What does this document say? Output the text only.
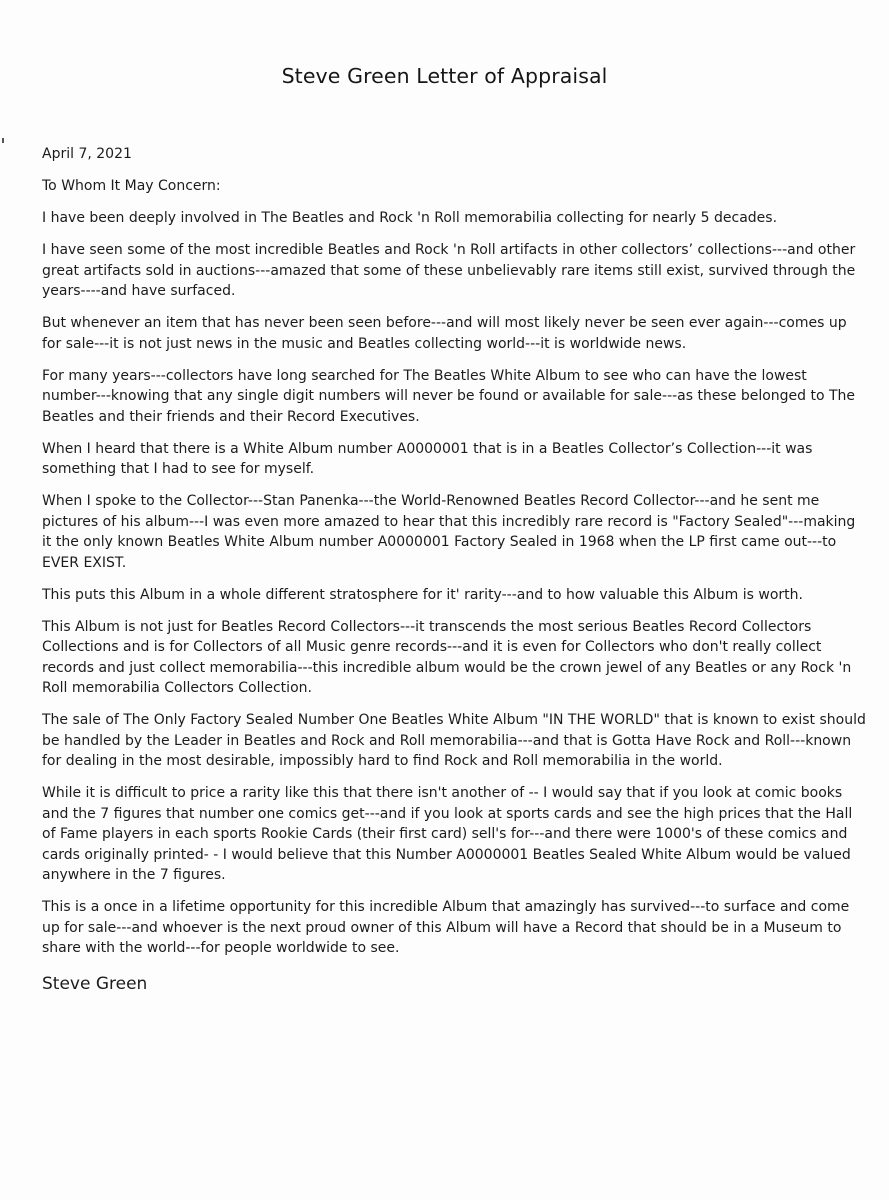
Steve Green Letter of Appraisal

April 7, 2021

To Whom It May Concern:

I have been deeply involved in The Beatles and Rock 'n Roll memorabilia collecting for nearly 5 decades.

I have seen some of the most incredible Beatles and Rock 'n Roll artifacts in other collectors’ collections---and other great artifacts sold in auctions---amazed that some of these unbelievably rare items still exist, survived through the years----and have surfaced.

But whenever an item that has never been seen before---and will most likely never be seen ever again---comes up for sale---it is not just news in the music and Beatles collecting world---it is worldwide news.

For many years---collectors have long searched for The Beatles White Album to see who can have the lowest number---knowing that any single digit numbers will never be found or available for sale---as these belonged to The Beatles and their friends and their Record Executives.

When I heard that there is a White Album number A0000001 that is in a Beatles Collector’s Collection---it was something that I had to see for myself.

When I spoke to the Collector---Stan Panenka---the World-Renowned Beatles Record Collector---and he sent me pictures of his album---I was even more amazed to hear that this incredibly rare record is "Factory Sealed"---making it the only known Beatles White Album number A0000001 Factory Sealed in 1968 when the LP first came out---to EVER EXIST.

This puts this Album in a whole different stratosphere for it' rarity---and to how valuable this Album is worth.

This Album is not just for Beatles Record Collectors---it transcends the most serious Beatles Record Collectors Collections and is for Collectors of all Music genre records---and it is even for Collectors who don't really collect records and just collect memorabilia---this incredible album would be the crown jewel of any Beatles or any Rock 'n Roll memorabilia Collectors Collection.

The sale of The Only Factory Sealed Number One Beatles White Album "IN THE WORLD" that is known to exist should be handled by the Leader in Beatles and Rock and Roll memorabilia---and that is Gotta Have Rock and Roll---known for dealing in the most desirable, impossibly hard to find Rock and Roll memorabilia in the world.

While it is difficult to price a rarity like this that there isn't another of -- I would say that if you look at comic books and the 7 figures that number one comics get---and if you look at sports cards and see the high prices that the Hall of Fame players in each sports Rookie Cards (their first card) sell's for---and there were 1000's of these comics and cards originally printed- - I would believe that this Number A0000001 Beatles Sealed White Album would be valued anywhere in the 7 figures.

This is a once in a lifetime opportunity for this incredible Album that amazingly has survived---to surface and come up for sale---and whoever is the next proud owner of this Album will have a Record that should be in a Museum to share with the world---for people worldwide to see.

Steve Green
